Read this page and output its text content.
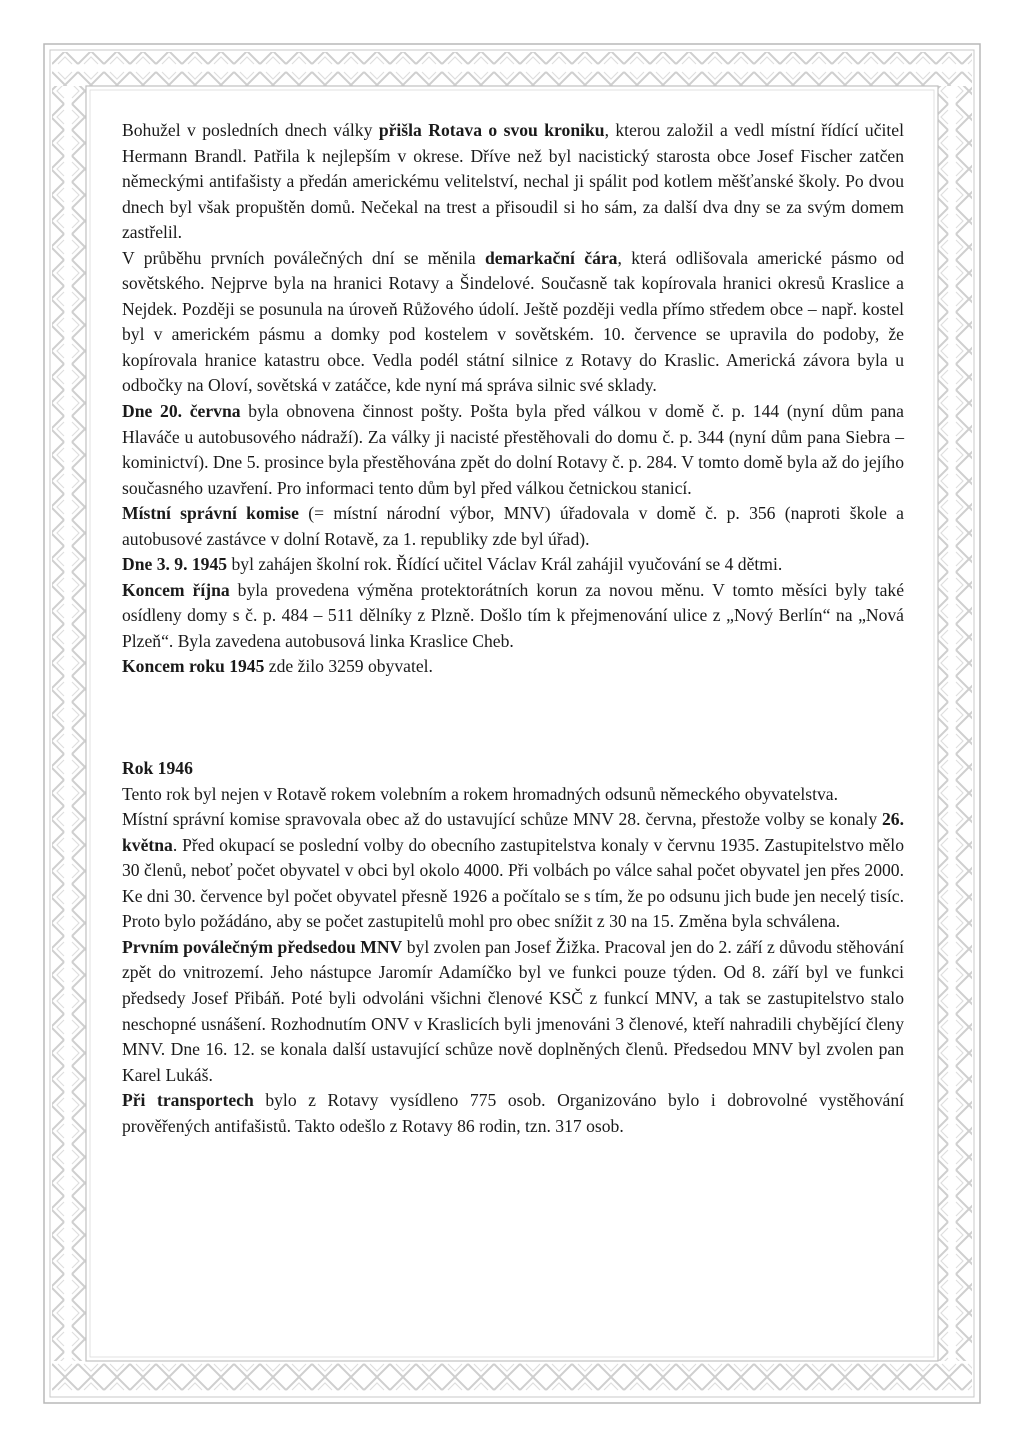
Bohužel v posledních dnech války přišla Rotava o svou kroniku, kterou založil a vedl místní řídící učitel Hermann Brandl. Patřila k nejlepším v okrese. Dříve než byl nacistický starosta obce Josef Fischer zatčen německými antifašisty a předán americkému velitelství, nechal ji spálit pod kotlem měšťanské školy. Po dvou dnech byl však propuštěn domů. Nečekal na trest a přisoudil si ho sám, za další dva dny se za svým domem zastřelil.

V průběhu prvních poválečných dní se měnila demarkační čára, která odlišovala americké pásmo od sovětského. Nejprve byla na hranici Rotavy a Šindelové. Současně tak kopírovala hranici okresů Kraslice a Nejdek. Později se posunula na úroveň Růžového údolí. Ještě později vedla přímo středem obce – např. kostel byl v americkém pásmu a domky pod kostelem v sovětském. 10. července se upravila do podoby, že kopírovala hranice katastru obce. Vedla podél státní silnice z Rotavy do Kraslic. Americká závora byla u odbočky na Oloví, sovětská v zatáčce, kde nyní má správa silnic své sklady.

Dne 20. června byla obnovena činnost pošty. Pošta byla před válkou v domě č. p. 144 (nyní dům pana Hlaváče u autobusového nádraží). Za války ji nacisté přestěhovali do domu č. p. 344 (nyní dům pana Siebra – kominictví). Dne 5. prosince byla přestěhována zpět do dolní Rotavy č. p. 284. V tomto domě byla až do jejího současného uzavření. Pro informaci tento dům byl před válkou četnickou stanicí.

Místní správní komise (= místní národní výbor, MNV) úřadovala v domě č. p. 356 (naproti škole a autobusové zastávce v dolní Rotavě, za 1. republiky zde byl úřad).

Dne 3. 9. 1945 byl zahájen školní rok. Řídící učitel Václav Král zahájil vyučování se 4 dětmi.

Koncem října byla provedena výměna protektorátních korun za novou měnu. V tomto měsíci byly také osídleny domy s č. p. 484 – 511 dělníky z Plzně. Došlo tím k přejmenování ulice z „Nový Berlín“ na „Nová Plzeň“. Byla zavedena autobusová linka Kraslice Cheb.

Koncem roku 1945 zde žilo 3259 obyvatel.

Rok 1946

Tento rok byl nejen v Rotavě rokem volebním a rokem hromadných odsunů německého obyvatelstva.

Místní správní komise spravovala obec až do ustavující schůze MNV 28. června, přestože volby se konaly 26. května. Před okupací se poslední volby do obecního zastupitelstva konaly v červnu 1935. Zastupitelstvo mělo 30 členů, neboť počet obyvatel v obci byl okolo 4000. Při volbách po válce sahal počet obyvatel jen přes 2000. Ke dni 30. července byl počet obyvatel přesně 1926 a počítalo se s tím, že po odsunu jich bude jen necelý tisíc. Proto bylo požádáno, aby se počet zastupitelů mohl pro obec snížit z 30 na 15. Změna byla schválena.

Prvním poválečným předsedou MNV byl zvolen pan Josef Žižka. Pracoval jen do 2. září z důvodu stěhování zpět do vnitrozemí. Jeho nástupce Jaromír Adamíčko byl ve funkci pouze týden. Od 8. září byl ve funkci předsedy Josef Přibáň. Poté byli odvoláni všichni členové KSČ z funkcí MNV, a tak se zastupitelstvo stalo neschopné usnášení. Rozhodnutím ONV v Kraslicích byli jmenováni 3 členové, kteří nahradili chybějící členy MNV. Dne 16. 12. se konala další ustavující schůze nově doplněných členů. Předsedou MNV byl zvolen pan Karel Lukáš.

Při transportech bylo z Rotavy vysídleno 775 osob. Organizováno bylo i dobrovolné vystěhování prověřených antifašistů. Takto odešlo z Rotavy 86 rodin, tzn. 317 osob.
